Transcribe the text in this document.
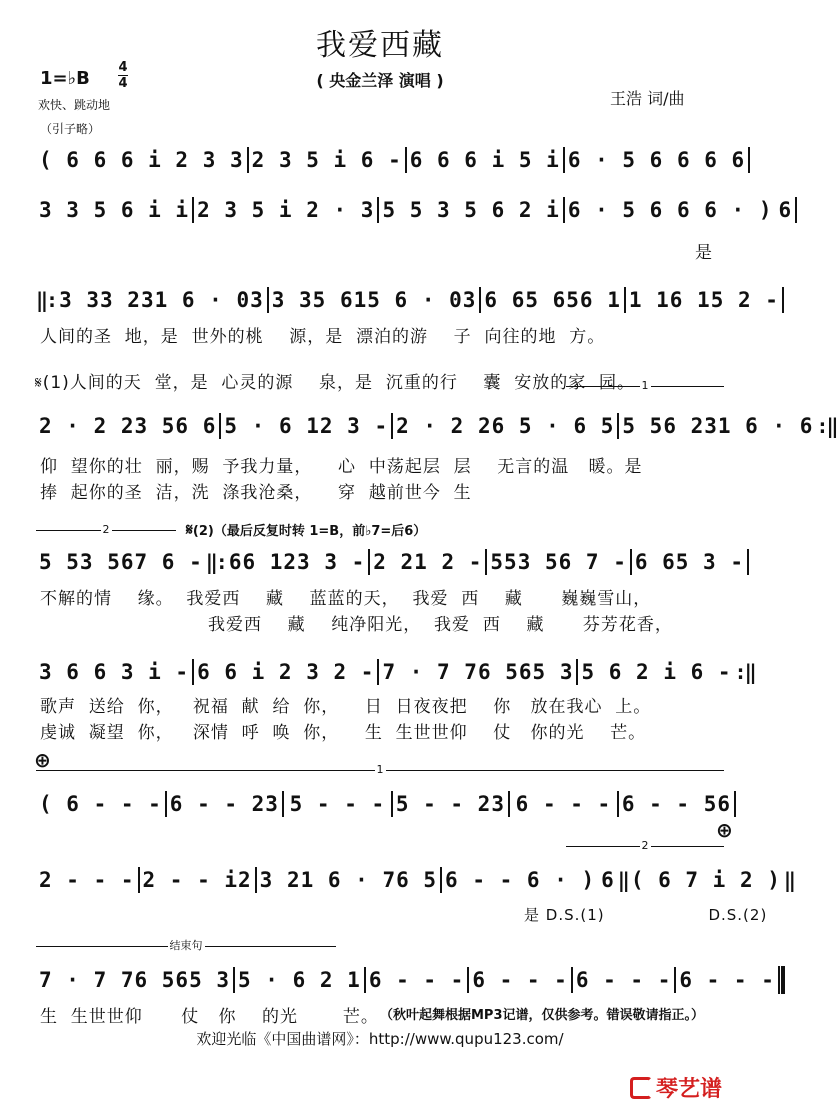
我爱西藏
( 央金兰泽 演唱 )
1=♭B
4
4
欢快、跳动地
（引子略）
王浩 词/曲
( 6 6 6 i 2 3 3 2 3 5 i 6 - 6 6 6 i 5 i 6 · 5 6 6 6 6
3 3 5 6 i i 2 3 5 i 2 · 3 5 5 3 5 6 2 i 6 · 5 6 6 6 · ) 6
是
‖: 3 33 231 6 · 03 3 35 615 6 · 03 6 65 656 1 1 16 15 2 -
人间的圣  地，是  世外的桃    源，是  漂泊的游    子  向往的地  方。

𝄋(1)人间的天  堂，是  心灵的源    泉，是  沉重的行    囊  安放的家  园。 1
2 · 2 23 56 6 5 · 6 12 3 - 2 · 2 26 5 · 6 5 5 56 231 6 · 6 :‖
仰  望你的壮  丽，赐  予我力量，    心  中荡起层  层    无言的温   暖。是
捧  起你的圣  洁，洗  涤我沧桑，    穿  越前世今  生
2	𝄋(2)（最后反复时转 1=B，前♭7=后6）
5 53 567 6 - ‖: 66 123 3 - 2 21 2 - 553 56 7 - 6 65 3 -
不解的情    缘。  我爱西    藏    蓝蓝的天，  我爱  西    藏      巍巍雪山，
我爱西    藏    纯净阳光，  我爱  西    藏      芬芳花香，
3 6 6 3 i - 6 6 i 2 3 2 - 7 · 7 76 565 3 5 6 2 i 6 - :‖
歌声  送给  你，   祝福  献  给  你，    日  日夜夜把    你   放在我心  上。
虔诚  凝望  你，   深情  呼  唤  你，    生  生世世仰    仗   你的光    芒。
⊕	1
( 6 - - - 6 - - 23 5 - - - 5 - - 23 6 - - - 6 - - 56
⊕
2
2 - - - 2 - - i2 3 21 6 · 76 5 6 - - 6 · ) 6 ‖ ( 6 7 i 2 ) ‖
是 D.S.(1)                  D.S.(2)
结束句
7 · 7 76 565 3 5 · 6 2 1 6 - - - 6 - - - 6 - - - 6 - - -
生  生世世仰      仗   你    的光       芒。 （秋叶起舞根据MP3记谱，仅供参考。错误敬请指正。）
欢迎光临《中国曲谱网》：http://www.qupu123.com/
琴艺谱
